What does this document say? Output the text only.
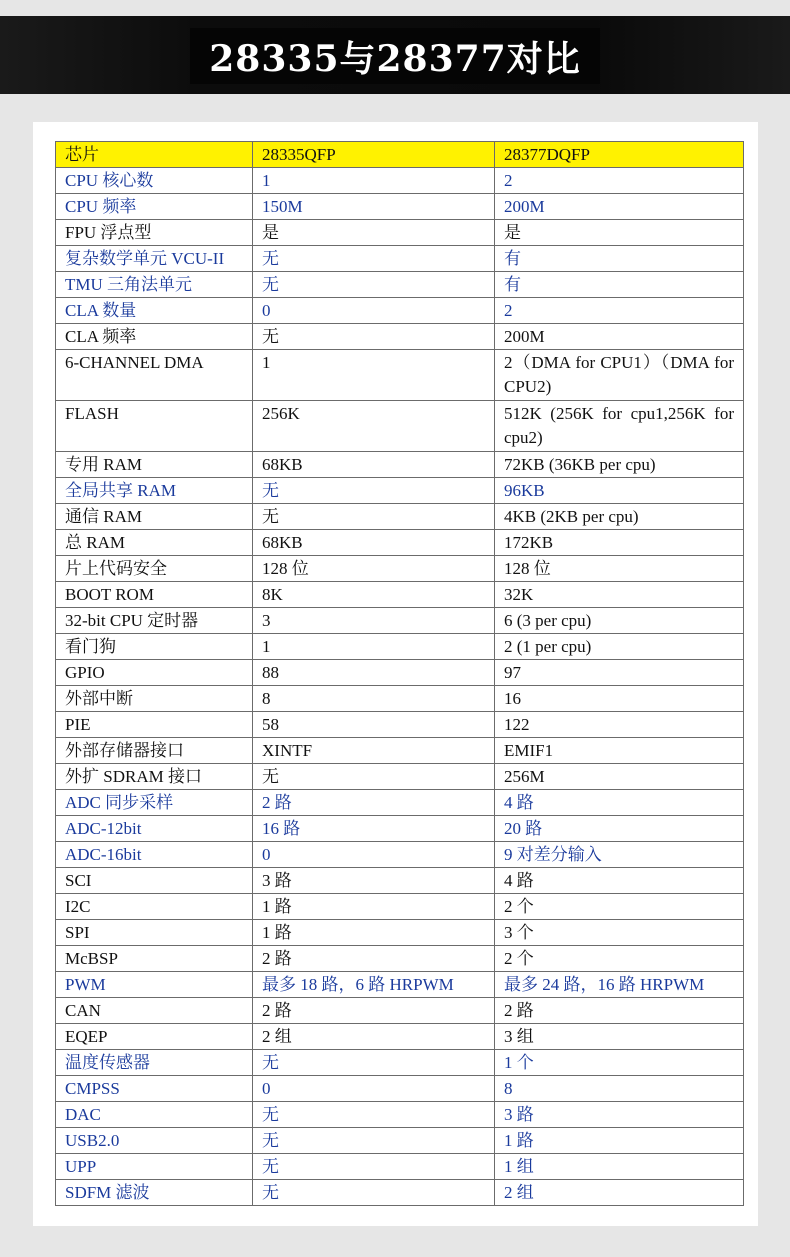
28335与28377对比
芯片	28335QFP	28377DQFP
CPU 核心数	1	2
CPU 频率	150M	200M
FPU 浮点型	是	是
复杂数学单元 VCU-II	无	有
TMU 三角法单元	无	有
CLA 数量	0	2
CLA 频率	无	200M
6-CHANNEL DMA	1	2（DMA for CPU1）（DMA for CPU2)
FLASH	256K	512K (256K for cpu1,256K for cpu2)
专用 RAM	68KB	72KB (36KB per cpu)
全局共享 RAM	无	96KB
通信 RAM	无	4KB (2KB per cpu)
总 RAM	68KB	172KB
片上代码安全	128 位	128 位
BOOT ROM	8K	32K
32-bit CPU 定时器	3	6 (3 per cpu)
看门狗	1	2 (1 per cpu)
GPIO	88	97
外部中断	8	16
PIE	58	122
外部存储器接口	XINTF	EMIF1
外扩 SDRAM 接口	无	256M
ADC 同步采样	2 路	4 路
ADC-12bit	16 路	20 路
ADC-16bit	0	9 对差分输入
SCI	3 路	4 路
I2C	1 路	2 个
SPI	1 路	3 个
McBSP	2 路	2 个
PWM	最多 18 路，6 路 HRPWM	最多 24 路，16 路 HRPWM
CAN	2 路	2 路
EQEP	2 组	3 组
温度传感器	无	1 个
CMPSS	0	8
DAC	无	3 路
USB2.0	无	1 路
UPP	无	1 组
SDFM 滤波	无	2 组
